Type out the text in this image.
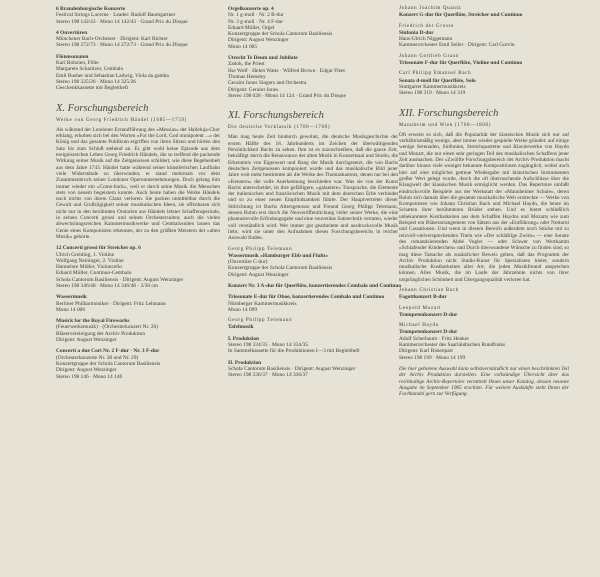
6 Brandenburgische Konzerte
Festival Strings Lucerne · Leader: Rudolf Baumgartner
Stereo 198 142/43 · Mono 14 142/43 · Grand Prix du Disque
4 Ouvertüren
Münchener Bach-Orchester · Dirigent: Karl Richter
Stereo 198 272/73 · Mono 14 272/73 · Grand Prix du Disque
Flötensonaten
Karl Bobzien, Flöte
Margarete Scharitzer, Cembalo
Emil Busher und Sebastian Ladwig, Viola da gamba
Stereo 198 325/26 · Mono 14 325/26
Geschenkkassette mit Begleitheft
X. Forschungsbereich
Werke von Georg Friedrich Händel (1685—1759)
Als während der Londoner Erstaufführung des »Messias« der Halleluja-Chor erklang, erhoben sich bei den Worten »For the Lord, God omnipotent ...« der König und das gesamte Publikum ergriffen von ihren Sitzen und hörten den Satz bis zum Schluß stehend an. Es gibt wohl keine Episode aus dem ereignisreichen Leben Georg Friedrich Händels, die so treffend die packende Wirkung seiner Musik auf die Zeitgenossen schildert, wie diese Begebenheit aus dem Jahre 1743. Händel hatte während seiner künstlerischen Laufbahn viele Widerstände zu überwinden; er stand mehrmals vor dem Zusammenbruch seiner Londoner Opernunternehmungen. Doch gelang ihm immer wieder ein »Come-back«, weil er durch seine Musik die Menschen stets von neuem begeistern konnte. Auch heute haben die Werke Händels noch nichts von ihrem Glanz verloren. Sie packen unmittelbar durch die Gewalt und Großzügigkeit seiner musikalischen Ideen, sie offenbaren sich nicht nur in den berühmten Oratorien aus Händels letzter Schaffensperiode, in seinen Concerti grossi und seinen Orchestersuiten; auch die vielen abwechslungsreichen Kammermusikwerke und Cembalosuiten lassen das Genie eines Komponisten erkennen, der zu den größten Meistern der »alten Musik« gehörte.
12 Concerti grossi für Streicher op. 6
Ulrich Grehling, 1. Violine
Wolfgang Neininger, 2. Violine
Hannelore Müller, Violoncello
Eduard Müller, Continuo-Cembalo
Schola Cantorum Basiliensis · Dirigent: August Wenzinger
Stereo 198 346/48 · Mono 14 346/48 · 3/30 cm
Wassermusik
Berliner Philharmoniker · Dirigent: Fritz Lehmann
Mono 14 006
Musick for the Royal Fireworks
(Feuerwerksmusik) · (Orchesterkonzert Nr. 26)
Bläservereinigung der Archiv Produktion
Dirigent: August Wenzinger
Concerti a due Cori Nr. 2 F-dur · Nr. 3 F-dur
(Orchesterkonzerte Nr. 28 und Nr. 29)
Konzertgruppe der Schola Cantorum Basiliensis
Dirigent: August Wenzinger
Stereo 198 146 · Mono 14 146
Orgelkonzerte op. 4
Nr. 1 g-moll · Nr. 2 B-dur
Nr. 3 g-moll · Nr. 4 F-dur
Eduard Müller, Orgel
Konzertgruppe der Schola Cantorum Basiliensis
Dirigent: August Wenzinger
Mono 14 085
Utrecht Te Deum und Jubilate
Zadok, the Priest
Ilse Wolf · Helen Watts · Wilfred Brown · Edgar Fleet
Thomas Hemsley
Geraint Jones Singers and Orchestra
Dirigent: Geraint Jones
Stereo 198 028 · Mono 14 124 · Grand Prix du Disque
XI. Forschungsbereich
Die deutsche Vorklassik (1700—1760)
Man mag heute Zeit hindurch gewohnt, die deutsche Musikgeschichte der ersten Hälfte des 18. Jahrhunderts im Zeichen der überwältigenden Persönlichkeit Bachs zu sehen. Ihm ist es zuzuschreiben, daß die ganze Zeit, bekräftigt durch die Renaissance der alten Musik in Konzertsaal und Studio, die Erkenntnis von Eigenwert und Rang der Musik durchgesetzt, die von Bachs deutschen Zeitgenossen komponiert wurde und das musikalische Bild jener Jahre weit mehr bestimmte als die Werke des Thomaskantors, denen nur bei den »Kennern« die volle Anerkennung beschieden war. Was sie von der Kunst Bachs unterscheidet, ist ihre gefälligere, »galantere« Tonsprache, die Elemente der italienischen und französischen Musik mit dem deutschen Erbe verbindet und so zu einer neuen Empfindsamkeit führte. Der Hauptvertreter dieser Stilrichtung ist Bachs Altersgenosse und Freund Georg Philipp Telemann, dessen Ruhm erst durch die Neuveröffentlichung vieler seiner Werke, die eine phantasievolle Erfindungsgabe und eine souveräne Satztechnik verraten, wieder voll verständlich wird. Wer immer gut gearbeitete und ausdrucksvolle Musik liebt, wird sie unter den Aufnahmen dieses Forschungsbereichs in reicher Auswahl finden.
Georg Philipp Telemann
Wassermusik »Hamburger Ebb und Fluht«
(Ouvertüre C-dur)
Konzertgruppe der Schola Cantorum Basiliensis
Dirigent: August Wenzinger
Konzert Nr. 3 A-dur für Querflöte, konzertierendes Cembalo und Continuo
Triosonate E-dur für Oboe, konzertierendes Cembalo und Continuo
Nürnberger Kammermusikkreis
Mono 14 099
Georg Philipp Telemann
Tafelmusik
I. Produktion
Stereo 198 334/35 · Mono 14 334/35
In Sammelkassette für die Produktionen I—3 mit Begleitheft
II. Produktion
Schola Cantorum Basiliensis · Dirigent: August Wenzinger
Stereo 198 336/37 · Mono 14 336/37
Johann Joachim Quantz
Konzert G-dur für Querflöte, Streicher und Continuo
Friedrich der Grosse
Sinfonia D-dur
Hans-Ulrich Niggemann
Kammerorchester Emil Seiler · Dirigent: Carl Gorvin
Johann Gottlieb Graun
Triosonate F-dur für Querflöte, Violine und Continuo
Carl Philipp Emanuel Bach
Sonata d-moll für Querflöte, Solo
Stuttgarter Kammermusikkreis
Stereo 198 319 · Mono 14 319
XII. Forschungsbereich
Mannheim und Wien (1760—1800)
Oft erweist es sich, daß die Popularität der klassischen Musik sich nur auf verhältnismäßig wenige, aber immer wieder gespielte Werke gründet: auf einige wenige Serenaden, Sinfonien, Streichquartette und Klavierwerke von Haydn und Mozart, die nur einen sehr geringen Teil des musikalischen Schaffens jener Zeit ausmachen. Der »Zwölfte Forschungsbereich der Archiv Produktion macht darüber hinaus viele weniger bekannte Kompositionen zugänglich, wobei auch hier auf eine möglichst getreue Wiedergabe mit historischen Instrumenten großer Wert gelegt wurde, durch die oft überraschende Aufschlüsse über die Klangwelt der klassischen Musik ermöglicht werden. Das Repertoire umfaßt eindrucksvolle Beispiele aus der Werkstatt der »Mannheimer Schule«, deren Ruhm sich damals über die gesamte musikalische Welt erstreckte — Werke von Komponisten wie Johann Christian Bach und Michael Haydn, die heute im Schatten ihrer berühmteren Brüder stehen. Und es bietet schließlich unbekanntere Kostbarkeiten aus dem Schaffen Haydns und Mozarts wie zum Beispiel ein Bläserarrangement von Sätzen aus der »Entführung« oder Notturni und Cassationen. Und wenn in diesem Bereich außerdem noch Stücke mit so reizvoll-vielversprechenden Titeln wie »Der schläfrige Zwirn« — eine Sonate des romantisierenden Abbé Vogler — oder Schwer von Wertkamm »Schlafender Kinderchen« und Durch überwundene Wünsche zu finden sind, so mag diese Tatsache als zusätzlicher Beweis gelten, daß das Programm der Archiv Produktion nicht Studio-Kunst für Spezialisten bietet, sondern musikalische Kostbarkeiten aller Art, die jeden Musikfreund ansprechen können. Alles Musik, die im Laufe der Jahrzehnte nichts von ihrer ursprünglichen Schönheit und Übergangsqualität verloren hat.
Johann Christian Bach
Fagottkonzert B-dur
Leopold Mozart
Trompetenkonzert D-dur
Michael Haydn
Trompetenkonzert D-dur
Adolf Scherbaum · Fritz Henker
Kammerorchester des Saarländischen Rundfunks
Dirigent: Karl Ristenpart
Stereo 198 199 · Mono 14 199
Die hier gebotene Auswahl kann selbstverständlich nur einen beschränkten Teil der Archiv Produktion darstellen. Eine vollständige Übersicht über das reichhaltige Archiv-Repertoire vermittelt Ihnen unser Katalog, dessen neueste Ausgabe im September 1965 erschien. Für weitere Auskünfte steht Ihnen der Fachhandel gern zur Verfügung.
